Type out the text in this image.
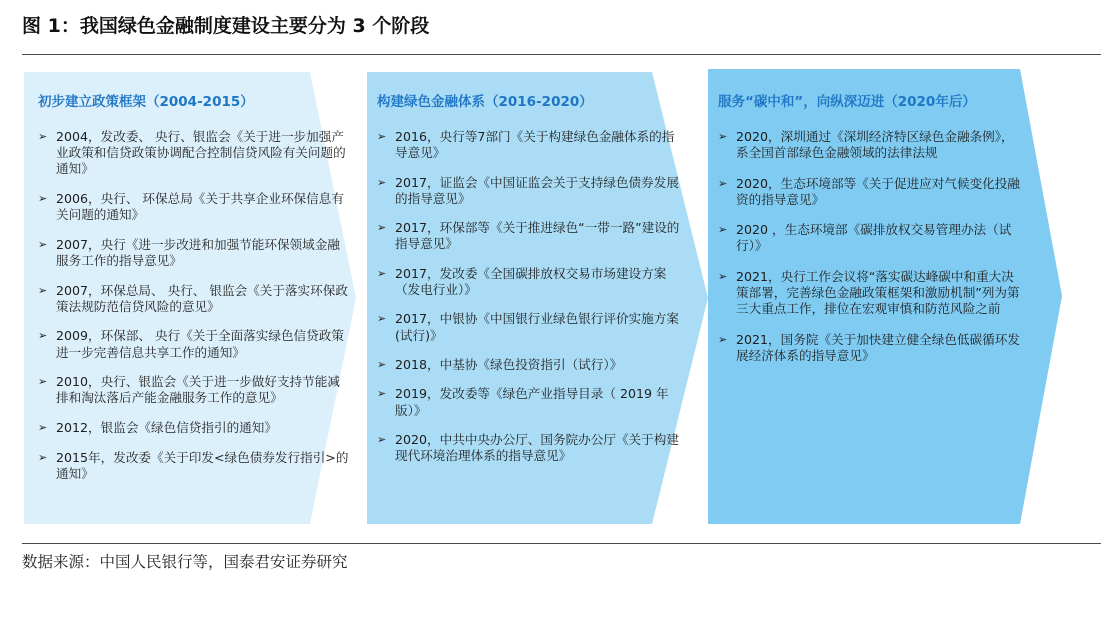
图 1：我国绿色金融制度建设主要分为 3 个阶段
初步建立政策框架（2004-2015）
➢ 2004，发改委、 央行、银监会《关于进一步加强产业政策和信贷政策协调配合控制信贷风险有关问题的通知》
➢ 2006，央行、 环保总局《关于共享企业环保信息有关问题的通知》
➢ 2007，央行《进一步改进和加强节能环保领域金融服务工作的指导意见》
➢ 2007，环保总局、 央行、 银监会《关于落实环保政策法规防范信贷风险的意见》
➢ 2009，环保部、 央行《关于全面落实绿色信贷政策进一步完善信息共享工作的通知》
➢ 2010，央行、银监会《关于进一步做好支持节能减排和淘汰落后产能金融服务工作的意见》
➢ 2012，银监会《绿色信贷指引的通知》
➢ 2015年，发改委《关于印发<绿色债券发行指引>的通知》
构建绿色金融体系（2016-2020）
➢ 2016，央行等7部门《关于构建绿色金融体系的指导意见》
➢ 2017，证监会《中国证监会关于支持绿色债券发展的指导意见》
➢ 2017，环保部等《关于推进绿色“一带一路”建设的指导意见》
➢ 2017，发改委《全国碳排放权交易市场建设方案（发电行业）》
➢ 2017，中银协《中国银行业绿色银行评价实施方案(试行)》
➢ 2018，中基协《绿色投资指引（试行）》
➢ 2019，发改委等《绿色产业指导目录（ 2019 年版）》
➢ 2020，中共中央办公厅、国务院办公厅《关于构建现代环境治理体系的指导意见》
服务“碳中和”，向纵深迈进（2020年后）
➢ 2020，深圳通过《深圳经济特区绿色金融条例》，系全国首部绿色金融领域的法律法规
➢ 2020，生态环境部等《关于促进应对气候变化投融资的指导意见》
➢ 2020 ，生态环境部《碳排放权交易管理办法（试行）》
➢ 2021，央行工作会议将“落实碳达峰碳中和重大决策部署，完善绿色金融政策框架和激励机制”列为第三大重点工作，排位在宏观审慎和防范风险之前
➢ 2021，国务院《关于加快建立健全绿色低碳循环发展经济体系的指导意见》
数据来源：中国人民银行等，国泰君安证券研究
